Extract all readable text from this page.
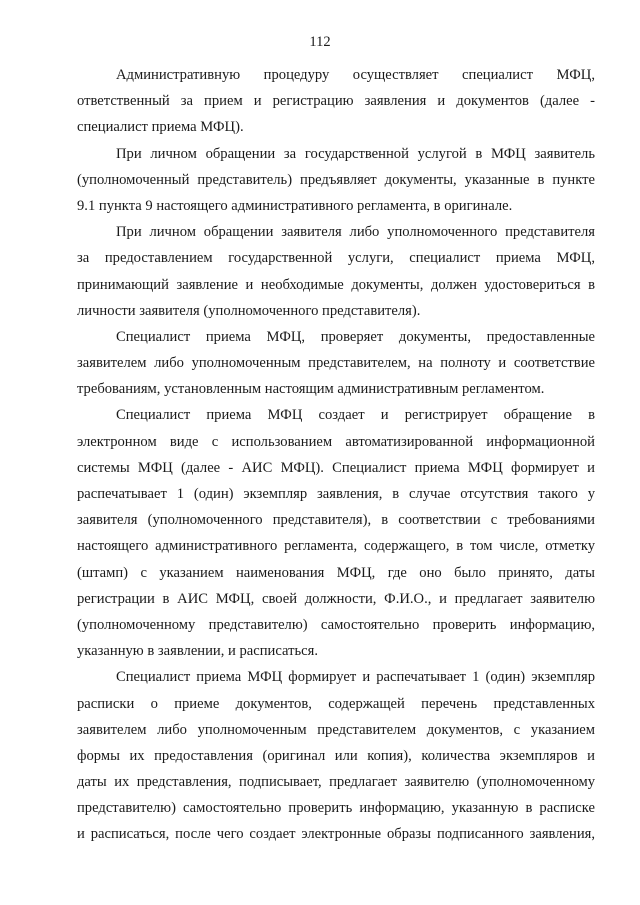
112
Административную процедуру осуществляет специалист МФЦ,
ответственный за прием и регистрацию заявления и документов (далее -
специалист приема МФЦ).
При личном обращении за государственной услугой в МФЦ заявитель
(уполномоченный представитель) предъявляет документы, указанные в пункте
9.1 пункта 9 настоящего административного регламента, в оригинале.
При личном обращении заявителя либо уполномоченного представителя
за предоставлением государственной услуги, специалист приема МФЦ,
принимающий заявление и необходимые документы, должен удостовериться в
личности заявителя (уполномоченного представителя).
Специалист приема МФЦ, проверяет документы, предоставленные
заявителем либо уполномоченным представителем, на полноту и соответствие
требованиям, установленным настоящим административным регламентом.
Специалист приема МФЦ создает и регистрирует обращение в
электронном виде с использованием автоматизированной информационной
системы МФЦ (далее - АИС МФЦ). Специалист приема МФЦ формирует и
распечатывает 1 (один) экземпляр заявления, в случае отсутствия такого у
заявителя (уполномоченного представителя), в соответствии с требованиями
настоящего административного регламента, содержащего, в том числе, отметку
(штамп) с указанием наименования МФЦ, где оно было принято, даты
регистрации в АИС МФЦ, своей должности, Ф.И.О., и предлагает заявителю
(уполномоченному представителю) самостоятельно проверить информацию,
указанную в заявлении, и расписаться.
Специалист приема МФЦ формирует и распечатывает 1 (один) экземпляр
расписки о приеме документов, содержащей перечень представленных
заявителем либо уполномоченным представителем документов, с указанием
формы их предоставления (оригинал или копия), количества экземпляров и
даты их представления, подписывает, предлагает заявителю (уполномоченному
представителю) самостоятельно проверить информацию, указанную в расписке
и расписаться, после чего создает электронные образы подписанного заявления,
